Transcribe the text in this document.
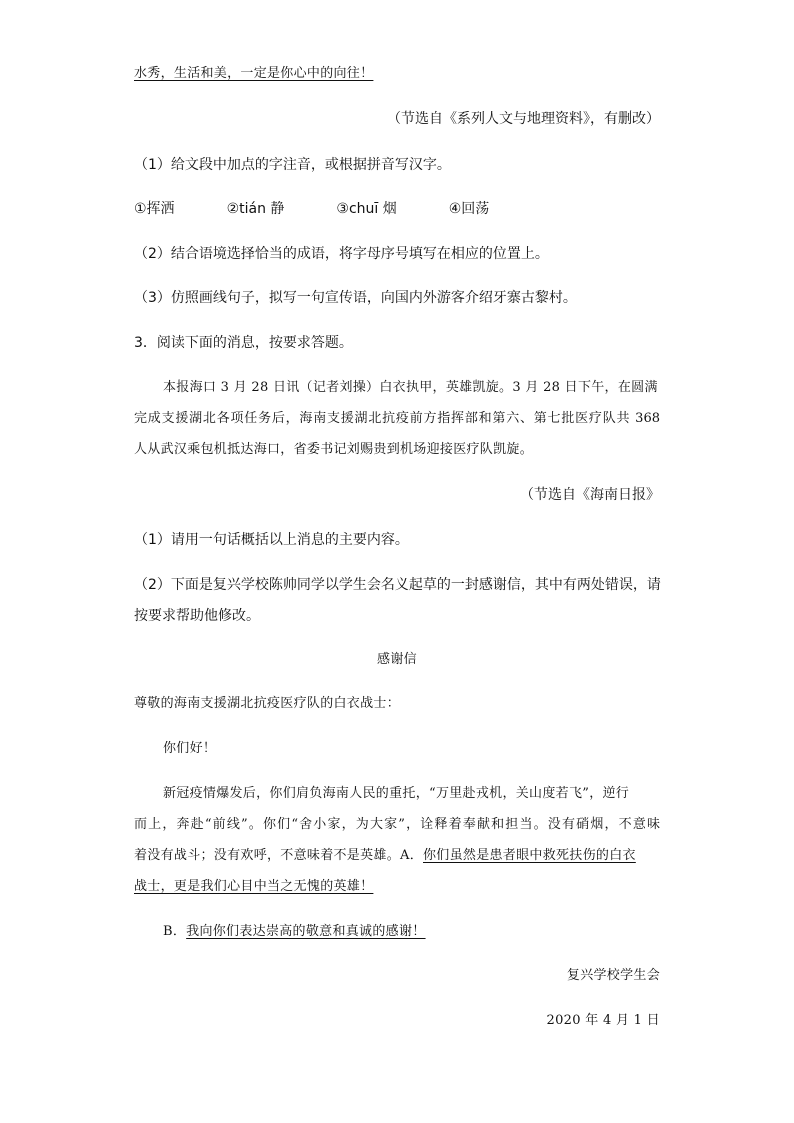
水秀，生活和美，一定是你心中的向往！
（节选自《系列人文与地理资料》，有删改）
（1）给文段中加点的字注音，或根据拼音写汉字。
①挥洒	②tián 静	③chuī 烟	④回荡
（2）结合语境选择恰当的成语，将字母序号填写在相应的位置上。
（3）仿照画线句子，拟写一句宣传语，向国内外游客介绍牙寨古黎村。
3．阅读下面的消息，按要求答题。
本报海口 3 月 28 日讯（记者刘操）白衣执甲，英雄凯旋。3 月 28 日下午，在圆满
完成支援湖北各项任务后，海南支援湖北抗疫前方指挥部和第六、第七批医疗队共 368
人从武汉乘包机抵达海口，省委书记刘赐贵到机场迎接医疗队凯旋。
（节选自《海南日报》
（1）请用一句话概括以上消息的主要内容。
（2）下面是复兴学校陈帅同学以学生会名义起草的一封感谢信，其中有两处错误，请
按要求帮助他修改。
感谢信
尊敬的海南支援湖北抗疫医疗队的白衣战士：
你们好！
新冠疫情爆发后，你们肩负海南人民的重托，“万里赴戎机，关山度若飞”，逆行
而上，奔赴“前线”。你们“舍小家，为大家”，诠释着奉献和担当。没有硝烟，不意味
着没有战斗；没有欢呼，不意味着不是英雄。A．你们虽然是患者眼中救死扶伤的白衣
战士，更是我们心目中当之无愧的英雄！
B．我向你们表达崇高的敬意和真诚的感谢！
复兴学校学生会
2020 年 4 月 1 日
